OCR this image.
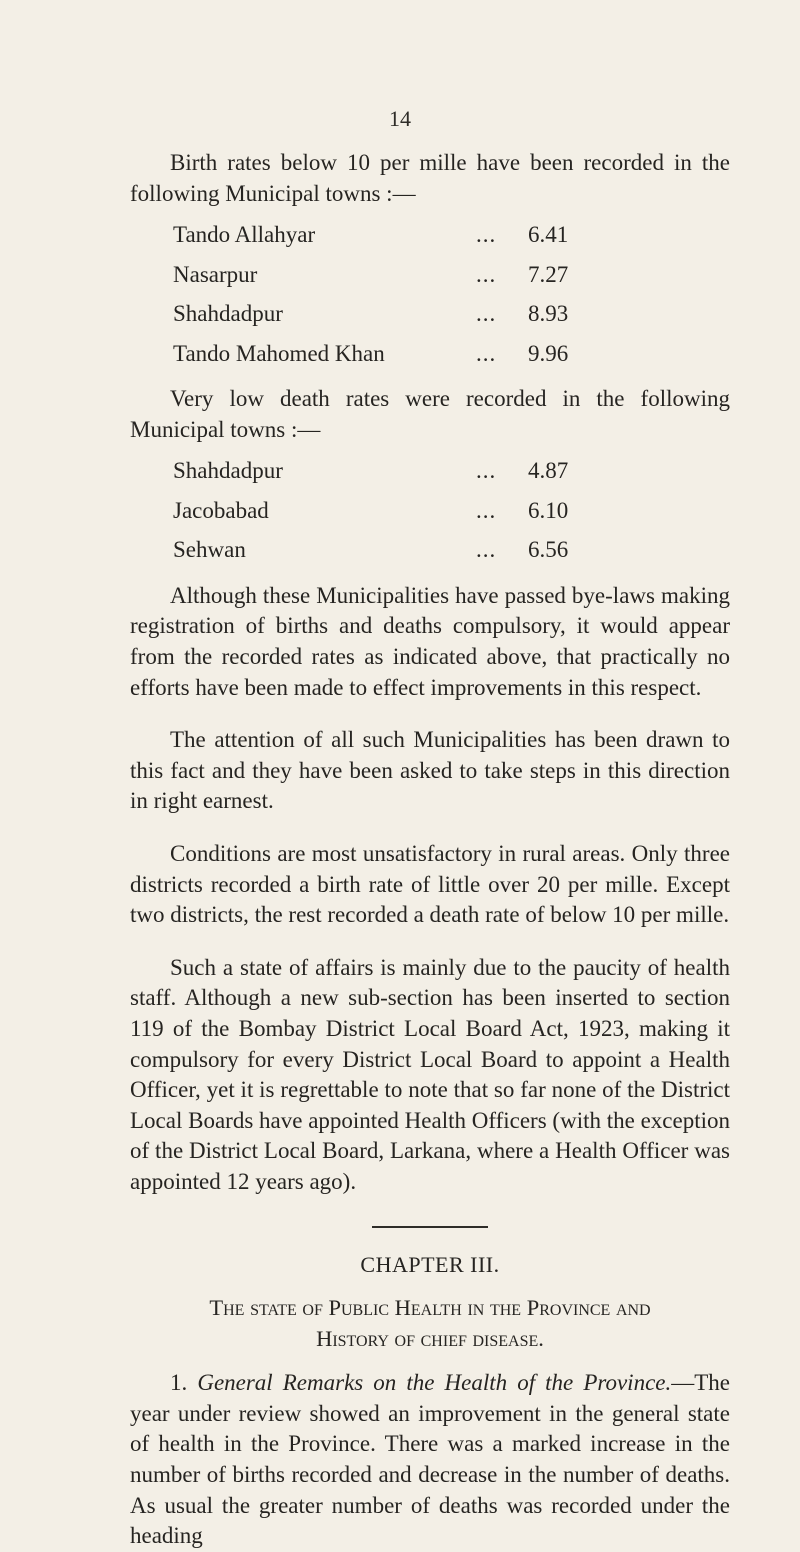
14

Birth rates below 10 per mille have been recorded in the following Municipal towns :—

Tando Allahyar	... 6.41
Nasarpur	... 7.27
Shahdadpur	... 8.93
Tando Mahomed Khan	... 9.96

Very low death rates were recorded in the following Municipal towns :—

Shahdadpur	... 4.87
Jacobabad	... 6.10
Sehwan	... 6.56

Although these Municipalities have passed bye-laws making registration of births and deaths compulsory, it would appear from the recorded rates as indicated above, that practically no efforts have been made to effect improvements in this respect.

The attention of all such Municipalities has been drawn to this fact and they have been asked to take steps in this direction in right earnest.

Conditions are most unsatisfactory in rural areas. Only three districts recorded a birth rate of little over 20 per mille. Except two districts, the rest recorded a death rate of below 10 per mille.

Such a state of affairs is mainly due to the paucity of health staff. Although a new sub-section has been inserted to section 119 of the Bombay District Local Board Act, 1923, making it compulsory for every District Local Board to appoint a Health Officer, yet it is regrettable to note that so far none of the District Local Boards have appointed Health Officers (with the exception of the District Local Board, Larkana, where a Health Officer was appointed 12 years ago).

CHAPTER III.
The state of Public Health in the Province and
History of chief disease.

1. General Remarks on the Health of the Province.—The year under review showed an improvement in the general state of health in the Province. There was a marked increase in the number of births recorded and decrease in the number of deaths. As usual the greater number of deaths was recorded under the heading
